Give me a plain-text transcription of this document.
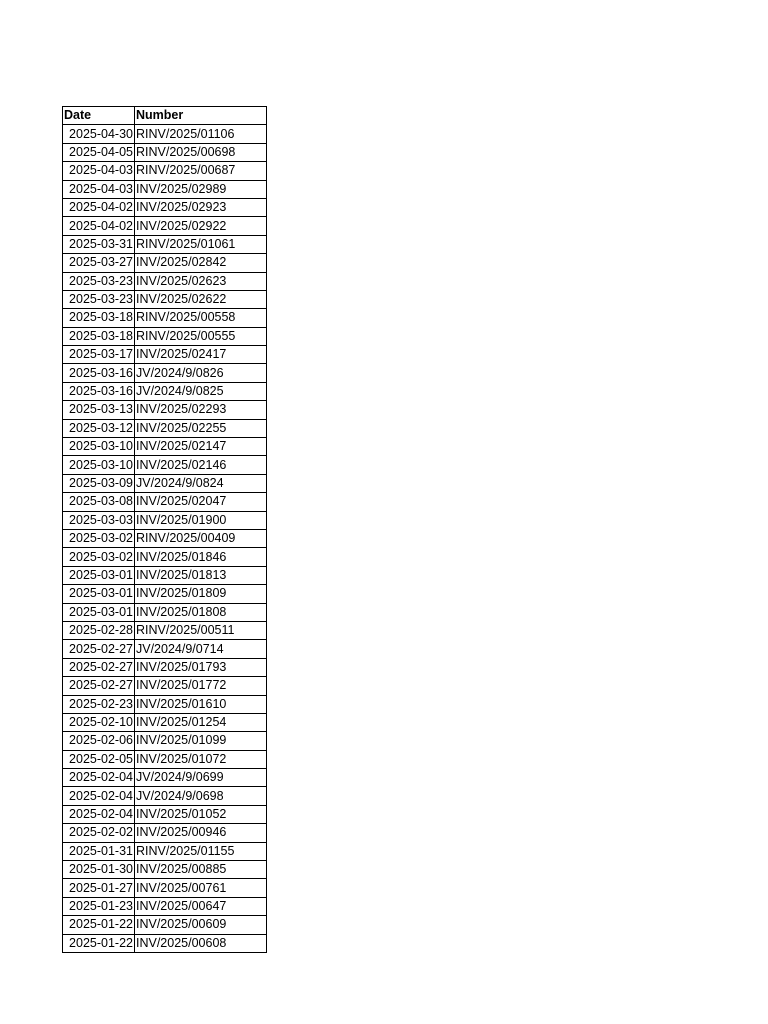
Date	Number
2025-04-30	RINV/2025/01106
2025-04-05	RINV/2025/00698
2025-04-03	RINV/2025/00687
2025-04-03	INV/2025/02989
2025-04-02	INV/2025/02923
2025-04-02	INV/2025/02922
2025-03-31	RINV/2025/01061
2025-03-27	INV/2025/02842
2025-03-23	INV/2025/02623
2025-03-23	INV/2025/02622
2025-03-18	RINV/2025/00558
2025-03-18	RINV/2025/00555
2025-03-17	INV/2025/02417
2025-03-16	JV/2024/9/0826
2025-03-16	JV/2024/9/0825
2025-03-13	INV/2025/02293
2025-03-12	INV/2025/02255
2025-03-10	INV/2025/02147
2025-03-10	INV/2025/02146
2025-03-09	JV/2024/9/0824
2025-03-08	INV/2025/02047
2025-03-03	INV/2025/01900
2025-03-02	RINV/2025/00409
2025-03-02	INV/2025/01846
2025-03-01	INV/2025/01813
2025-03-01	INV/2025/01809
2025-03-01	INV/2025/01808
2025-02-28	RINV/2025/00511
2025-02-27	JV/2024/9/0714
2025-02-27	INV/2025/01793
2025-02-27	INV/2025/01772
2025-02-23	INV/2025/01610
2025-02-10	INV/2025/01254
2025-02-06	INV/2025/01099
2025-02-05	INV/2025/01072
2025-02-04	JV/2024/9/0699
2025-02-04	JV/2024/9/0698
2025-02-04	INV/2025/01052
2025-02-02	INV/2025/00946
2025-01-31	RINV/2025/01155
2025-01-30	INV/2025/00885
2025-01-27	INV/2025/00761
2025-01-23	INV/2025/00647
2025-01-22	INV/2025/00609
2025-01-22	INV/2025/00608
